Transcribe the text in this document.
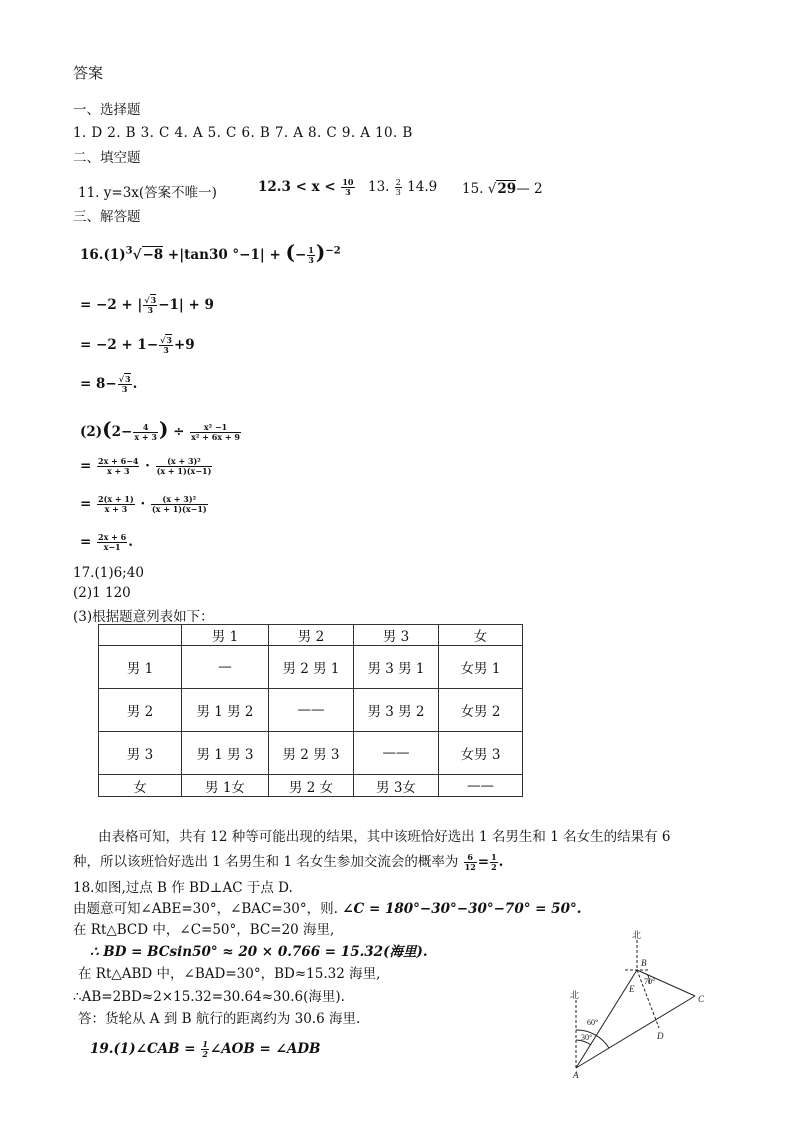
答案
一、选择题
1. D 2. B 3. C 4. A 5. C 6. B 7. A 8. C 9. A 10. B
二、填空题
11. y=3x(答案不唯一)	$12.3 < x < \frac{10}{3} 13$. $\frac{2}{3} 14.9$ 15. √29— 2
三、解答题
$16.(1)^3√-8 +|\tan 30$ °−1| + (− $\frac{1}{3} )^{-2}$
= −2 + | $\frac{√3}{3} -1| + 9$
= $-2 + 1- \frac{√3}{3} +9$
= $8- \frac{√3}{3}$ .
$(2)(2- \frac{4}{x + 3}$ ) ÷ $\frac{\text{x² −1}}{\text{x² + 6x + 9}}$
= $\frac{2x + 6-4}{x + 3} \cdot \frac{\text{(x + 3)²}}{(x + 1)(x-1)}$
= $\frac{2(x + 1)}{x + 3} \cdot \frac{\text{(x + 3)²}}{(x + 1)(x-1)}$
= $\frac{2x + 6}{x-1}$ .
17.(1)6;40
(2)1 120
(3)根据题意列表如下：
	男 1	男 2	男 3	女
男 1	—	男 2 男 1	男 3 男 1	女男 1
男 2	男 1 男 2	——	男 3 男 2	女男 2
男 3	男 1 男 3	男 2 男 3	——	女男 3
女	男 1女	男 2 女	男 3女	——
由表格可知，共有 12 种等可能出现的结果，其中该班恰好选出 1 名男生和 1 名女生的结果有 6
种，所以该班恰好选出 1 名男生和 1 名女生参加交流会的概率为 $\frac{6}{12} = \frac{1}{2}$ .
18.如图,过点 B 作 BD⊥AC 于点 D.
由题意可知∠ABE=30°，∠BAC=30°，则. ∠C = 180°−30°−30°−70° = 50°.
在 Rt△BCD 中，∠C=50°，BC=20 海里,
∴ BD = BCsin50° ≈ 20 × 0.766 = 15.32(海里).
在 Rt△ABD 中，∠BAD=30°，BD≈15.32 海里,
∴AB=2BD≈2×15.32=30.64≈30.6(海里).
答：货轮从 A 到 B 航行的距离约为 30.6 海里.
19.(1)∠CAB = $\frac{1}{2}$ ∠AOB = ∠ADB
北
北
A
B
C
D
E
60°
30°
70°
